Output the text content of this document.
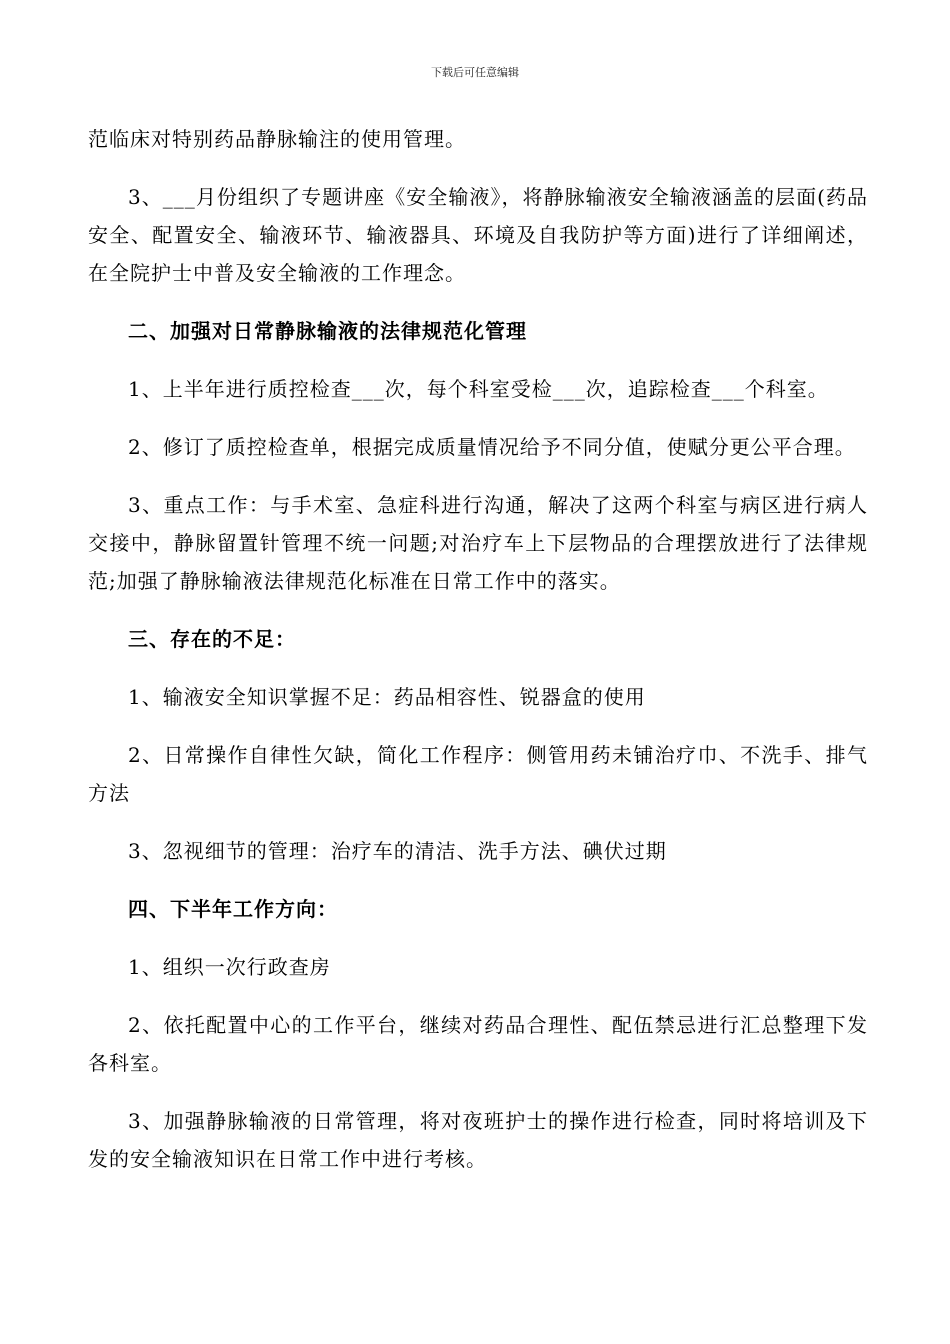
下载后可任意编辑

范临床对特别药品静脉输注的使用管理。

3、___月份组织了专题讲座《安全输液》，将静脉输液安全输液涵盖的层面(药品安全、配置安全、输液环节、输液器具、环境及自我防护等方面)进行了详细阐述，在全院护士中普及安全输液的工作理念。

二、加强对日常静脉输液的法律规范化管理

1、上半年进行质控检查___次，每个科室受检___次，追踪检查___个科室。

2、修订了质控检查单，根据完成质量情况给予不同分值，使赋分更公平合理。

3、重点工作：与手术室、急症科进行沟通，解决了这两个科室与病区进行病人交接中，静脉留置针管理不统一问题;对治疗车上下层物品的合理摆放进行了法律规范;加强了静脉输液法律规范化标准在日常工作中的落实。

三、存在的不足：

1、输液安全知识掌握不足：药品相容性、锐器盒的使用

2、日常操作自律性欠缺，简化工作程序：侧管用药未铺治疗巾、不洗手、排气方法

3、忽视细节的管理：治疗车的清洁、洗手方法、碘伏过期

四、下半年工作方向：

1、组织一次行政查房

2、依托配置中心的工作平台，继续对药品合理性、配伍禁忌进行汇总整理下发各科室。

3、加强静脉输液的日常管理，将对夜班护士的操作进行检查，同时将培训及下发的安全输液知识在日常工作中进行考核。
